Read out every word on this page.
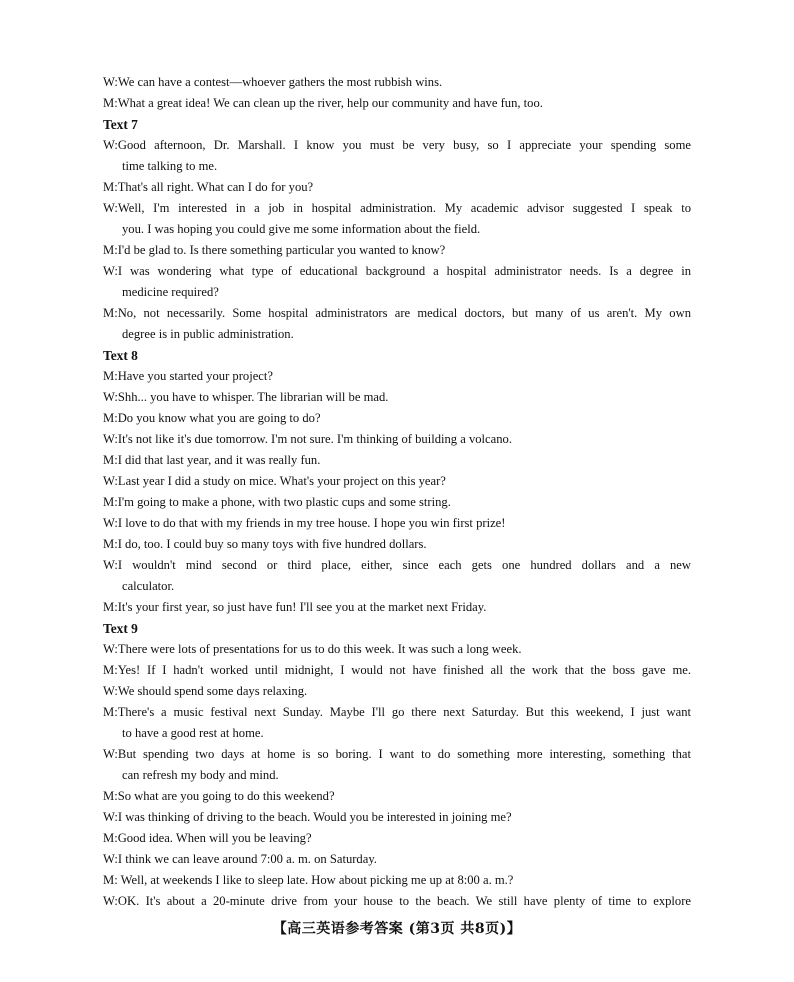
W:We can have a contest—whoever gathers the most rubbish wins.
M:What a great idea! We can clean up the river, help our community and have fun, too.
Text 7
W:Good afternoon, Dr. Marshall. I know you must be very busy, so I appreciate your spending some
time talking to me.
M:That's all right. What can I do for you?
W:Well, I'm interested in a job in hospital administration. My academic advisor suggested I speak to
you. I was hoping you could give me some information about the field.
M:I'd be glad to. Is there something particular you wanted to know?
W:I was wondering what type of educational background a hospital administrator needs. Is a degree in
medicine required?
M:No, not necessarily. Some hospital administrators are medical doctors, but many of us aren't. My own
degree is in public administration.
Text 8
M:Have you started your project?
W:Shh... you have to whisper. The librarian will be mad.
M:Do you know what you are going to do?
W:It's not like it's due tomorrow. I'm not sure. I'm thinking of building a volcano.
M:I did that last year, and it was really fun.
W:Last year I did a study on mice. What's your project on this year?
M:I'm going to make a phone, with two plastic cups and some string.
W:I love to do that with my friends in my tree house. I hope you win first prize!
M:I do, too. I could buy so many toys with five hundred dollars.
W:I wouldn't mind second or third place, either, since each gets one hundred dollars and a new
calculator.
M:It's your first year, so just have fun! I'll see you at the market next Friday.
Text 9
W:There were lots of presentations for us to do this week. It was such a long week.
M:Yes! If I hadn't worked until midnight, I would not have finished all the work that the boss gave me.
W:We should spend some days relaxing.
M:There's a music festival next Sunday. Maybe I'll go there next Saturday. But this weekend, I just want
to have a good rest at home.
W:But spending two days at home is so boring. I want to do something more interesting, something that
can refresh my body and mind.
M:So what are you going to do this weekend?
W:I was thinking of driving to the beach. Would you be interested in joining me?
M:Good idea. When will you be leaving?
W:I think we can leave around 7:00 a. m. on Saturday.
M: Well, at weekends I like to sleep late. How about picking me up at 8:00 a. m.?
W:OK. It's about a 20-minute drive from your house to the beach. We still have plenty of time to explore
【高三英语参考答案 (第3页 共8页)】
